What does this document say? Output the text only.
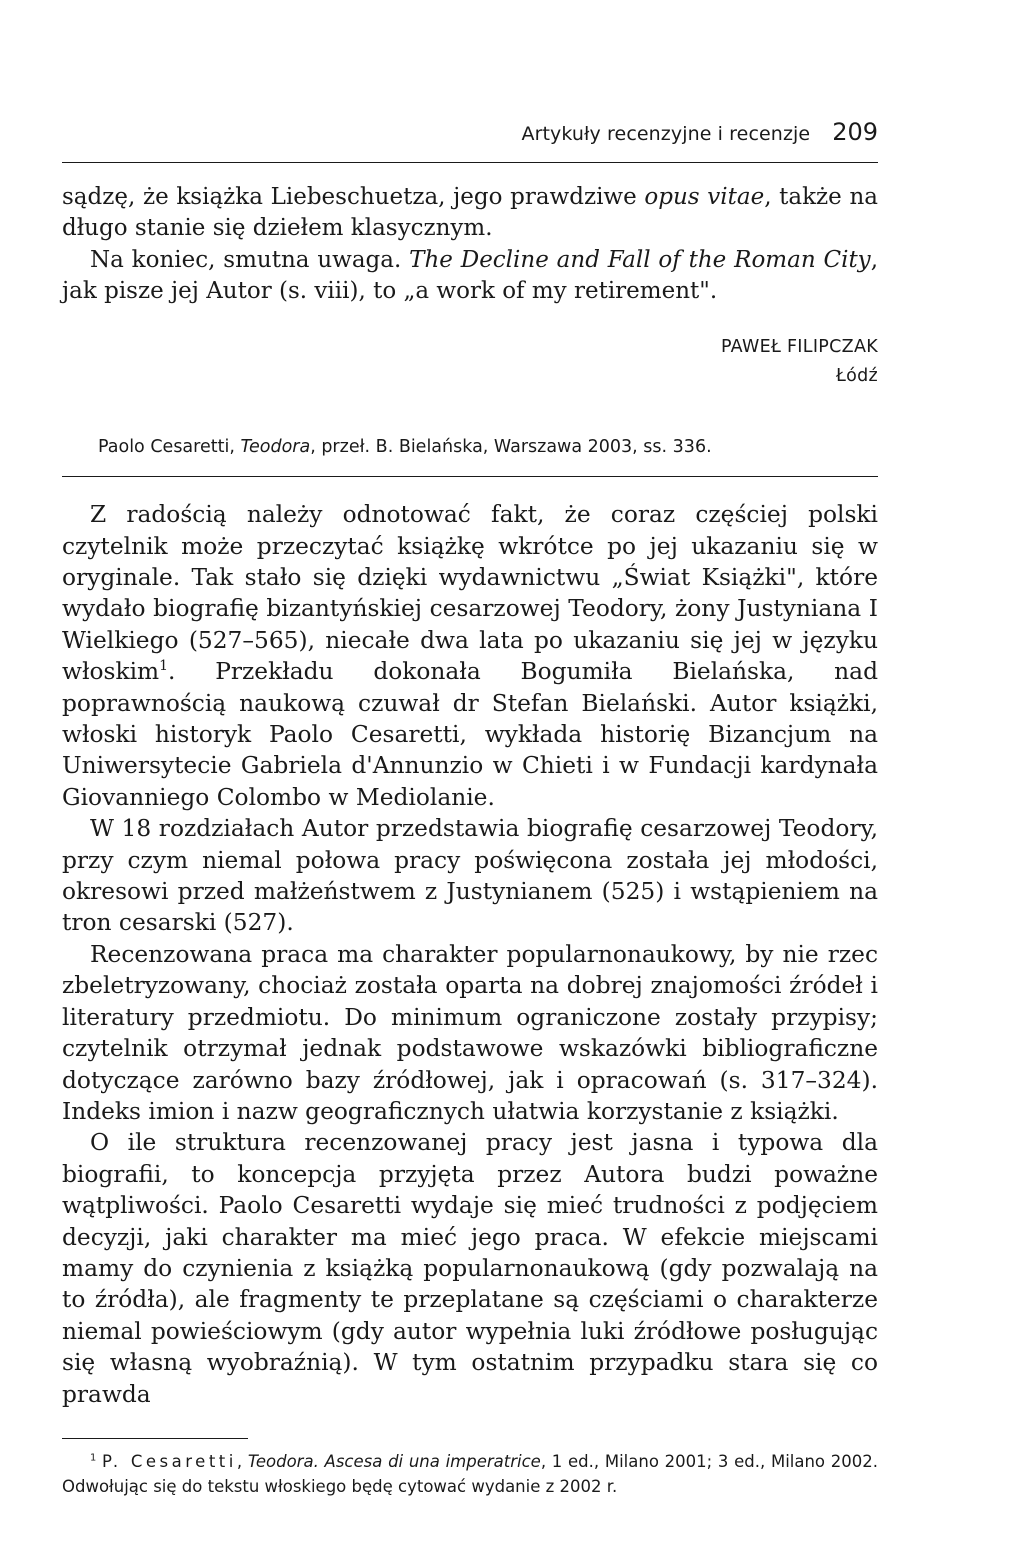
Artykuły recenzyjne i recenzje 209

sądzę, że książka Liebeschuetza, jego prawdziwe opus vitae, także na długo stanie się dziełem klasycznym.

Na koniec, smutna uwaga. The Decline and Fall of the Roman City, jak pisze jej Autor (s. viii), to „a work of my retirement".

PAWEŁ FILIPCZAK
Łódź
Paolo Cesaretti, Teodora, przeł. B. Bielańska, Warszawa 2003, ss. 336.

Z radością należy odnotować fakt, że coraz częściej polski czytelnik może przeczytać książkę wkrótce po jej ukazaniu się w oryginale. Tak stało się dzięki wydawnictwu „Świat Książki", które wydało biografię bizantyńskiej cesarzowej Teodory, żony Justyniana I Wielkiego (527–565), niecałe dwa lata po ukazaniu się jej w języku włoskim$^1$. Przekładu dokonała Bogumiła Bielańska, nad poprawnością naukową czuwał dr Stefan Bielański. Autor książki, włoski historyk Paolo Cesaretti, wykłada historię Bizancjum na Uniwersytecie Gabriela d'Annunzio w Chieti i w Fundacji kardynała Giovanniego Colombo w Mediolanie.

W 18 rozdziałach Autor przedstawia biografię cesarzowej Teodory, przy czym niemal połowa pracy poświęcona została jej młodości, okresowi przed małżeństwem z Justynianem (525) i wstąpieniem na tron cesarski (527).

Recenzowana praca ma charakter popularnonaukowy, by nie rzec zbeletryzowany, chociaż została oparta na dobrej znajomości źródeł i literatury przedmiotu. Do minimum ograniczone zostały przypisy; czytelnik otrzymał jednak podstawowe wskazówki bibliograficzne dotyczące zarówno bazy źródłowej, jak i opracowań (s. 317–324). Indeks imion i nazw geograficznych ułatwia korzystanie z książki.

O ile struktura recenzowanej pracy jest jasna i typowa dla biografii, to koncepcja przyjęta przez Autora budzi poważne wątpliwości. Paolo Cesaretti wydaje się mieć trudności z podjęciem decyzji, jaki charakter ma mieć jego praca. W efekcie miejscami mamy do czynienia z książką popularnonaukową (gdy pozwalają na to źródła), ale fragmenty te przeplatane są częściami o charakterze niemal powieściowym (gdy autor wypełnia luki źródłowe posługując się własną wyobraźnią). W tym ostatnim przypadku stara się co prawda

$^1$ P. Cesaretti, Teodora. Ascesa di una imperatrice, 1 ed., Milano 2001; 3 ed., Milano 2002. Odwołując się do tekstu włoskiego będę cytować wydanie z 2002 r.
